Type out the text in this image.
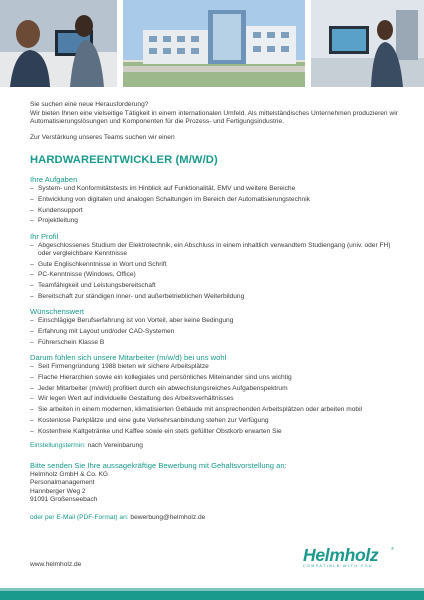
Sie suchen eine neue Herausforderung?

Wir bieten Ihnen eine vielseitige Tätigkeit in einem internationalen Umfeld. Als mittelständisches Unternehmen produzieren wir Automatisierungslösungen und Komponenten für die Prozess- und Fertigungsindustrie.

Zur Verstärkung unseres Teams suchen wir einen

HARDWAREENTWICKLER (M/W/D)
Ihre Aufgaben
– System- und Konformitätstests im Hinblick auf Funktionalität, EMV und weitere Bereiche
– Entwicklung von digitalen und analogen Schaltungen im Bereich der Automatisierungstechnik
– Kundensupport
– Projektleitung
Ihr Profil
– Abgeschlossenes Studium der Elektrotechnik, ein Abschluss in einem inhaltlich verwandtem Studiengang (univ. oder FH) oder vergleichbare Kenntnisse
– Gute Englischkenntnisse in Wort und Schrift
– PC-Kenntnisse (Windows, Office)
– Teamfähigkeit und Leistungsbereitschaft
– Bereitschaft zur ständigen inner- und außerbetrieblichen Weiterbildung
Wünschenswert
– Einschlägige Berufserfahrung ist von Vorteil, aber keine Bedingung
– Erfahrung mit Layout und/oder CAD-Systemen
– Führerschein Klasse B
Darum fühlen sich unsere Mitarbeiter (m/w/d) bei uns wohl
– Seit Firmengründung 1988 bieten wir sichere Arbeitsplätze
– Flache Hierarchien sowie ein kollegiales und persönliches Miteinander sind uns wichtig
– Jeder Mitarbeiter (m/w/d) profitiert durch ein abwechslungsreiches Aufgabenspektrum
– Wir legen Wert auf individuelle Gestaltung des Arbeitsverhältnisses
– Sie arbeiten in einem modernen, klimatisierten Gebäude mit ansprechenden Arbeitsplätzen oder arbeiten mobil
– Kostenlose Parkplätze und eine gute Verkehrsanbindung stehen zur Verfügung
– Kostenfreie Kaltgetränke und Kaffee sowie ein stets gefüllter Obstkorb erwarten Sie
Einstellungstermin: nach Vereinbarung
Bitte senden Sie Ihre aussagekräftige Bewerbung mit Gehaltsvorstellung an:
Helmholz GmbH & Co. KG
Personalmanagement
Hannberger Weg 2
91091 Großenseebach
oder per E-Mail (PDF-Format) an: bewerbung@helmholz.de
www.helmholz.de	Helmholz	®
COMPATIBLE WITH YOU
